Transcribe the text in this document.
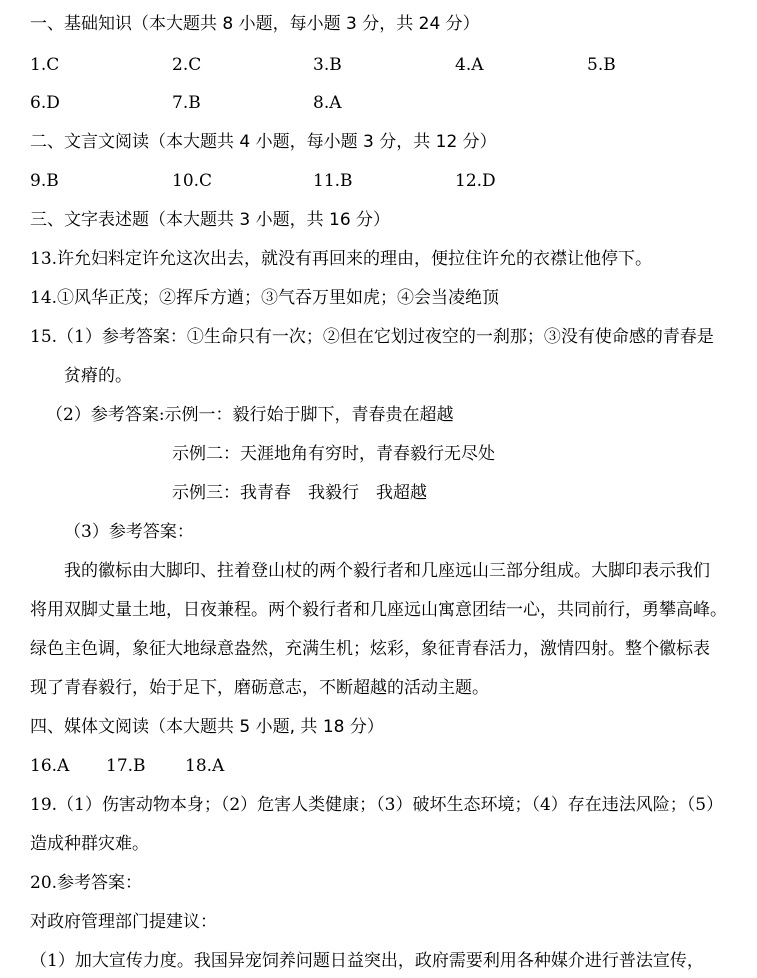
一、基础知识（本大题共 8 小题，每小题 3 分，共 24 分）
1.C	2.C	3.B	4.A	5.B
6.D	7.B	8.A
二、文言文阅读（本大题共 4 小题，每小题 3 分，共 12 分）
9.B	10.C	11.B	12.D
三、文字表述题（本大题共 3 小题，共 16 分）
13.许允妇料定许允这次出去，就没有再回来的理由，便拉住许允的衣襟让他停下。
14.①风华正茂；②挥斥方遒；③气吞万里如虎；④会当凌绝顶
15.（1）参考答案：①生命只有一次；②但在它划过夜空的一刹那；③没有使命感的青春是
贫瘠的。
（2）参考答案:示例一：毅行始于脚下，青春贵在超越
示例二：天涯地角有穷时，青春毅行无尽处
示例三：我青春　我毅行　我超越
（3）参考答案：
我的徽标由大脚印、拄着登山杖的两个毅行者和几座远山三部分组成。大脚印表示我们
将用双脚丈量土地，日夜兼程。两个毅行者和几座远山寓意团结一心，共同前行，勇攀高峰。
绿色主色调，象征大地绿意盎然，充满生机；炫彩，象征青春活力，激情四射。整个徽标表
现了青春毅行，始于足下，磨砺意志，不断超越的活动主题。
四、媒体文阅读（本大题共 5 小题, 共 18 分）
16.A 17.B 18.A
19.（1）伤害动物本身；（2）危害人类健康；（3）破坏生态环境；（4）存在违法风险；（5）
造成种群灾难。
20.参考答案：
对政府管理部门提建议：
（1）加大宣传力度。我国异宠饲养问题日益突出，政府需要利用各种媒介进行普法宣传，
